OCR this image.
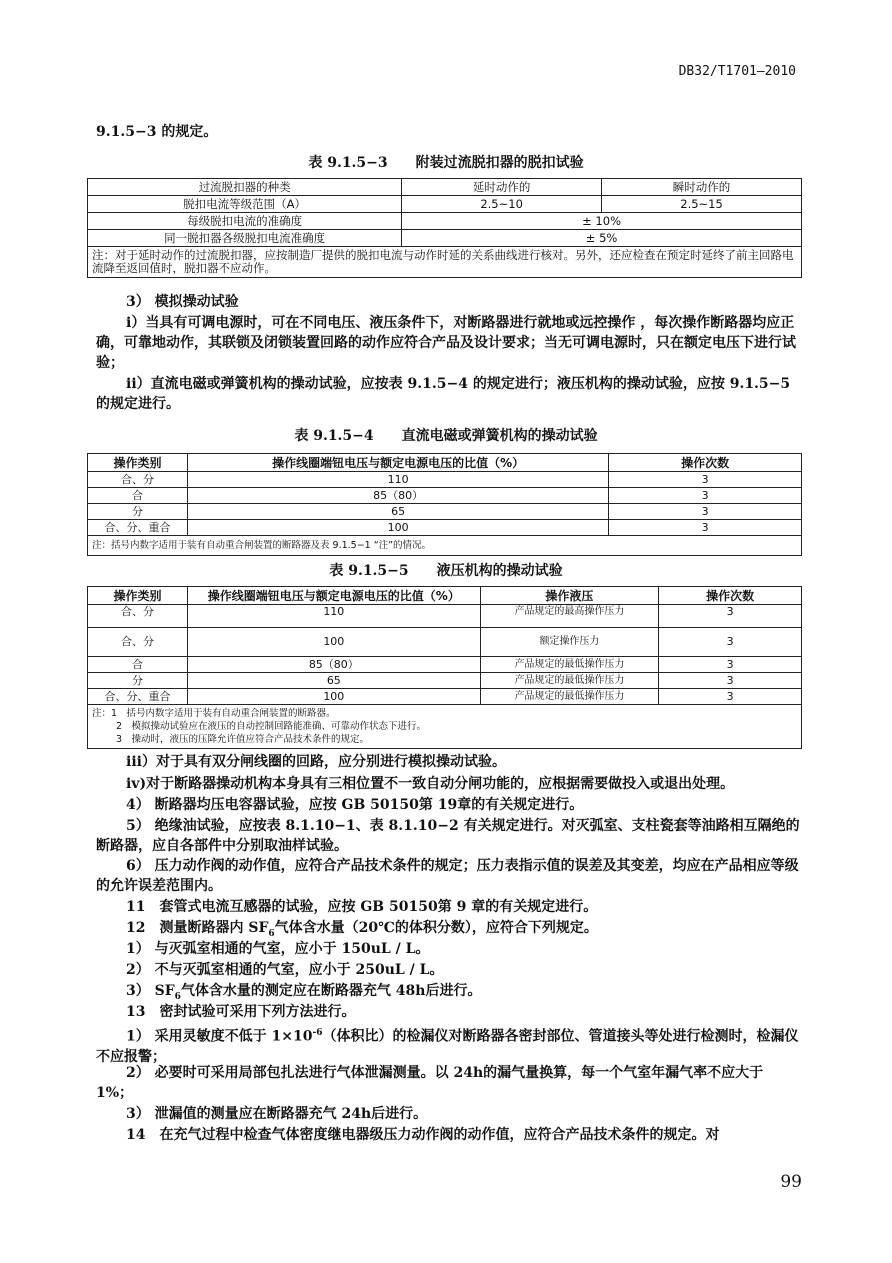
DB32/T1701—2010
9.1.5−3 的规定。
表 9.1.5−3　　附装过流脱扣器的脱扣试验
过流脱扣器的种类	延时动作的	瞬时动作的
脱扣电流等级范围（A）	2.5~10	2.5~15
每级脱扣电流的准确度	± 10%	
同一脱扣器各级脱扣电流准确度	± 5%	
注：对于延时动作的过流脱扣器，应按制造厂提供的脱扣电流与动作时延的关系曲线进行核对。另外，还应检查在预定时延终了前主回路电流降至返回值时，脱扣器不应动作。		
3） 模拟操动试验
i）当具有可调电源时，可在不同电压、液压条件下，对断路器进行就地或远控操作 ，每次操作断路器均应正确，可靠地动作，其联锁及闭锁装置回路的动作应符合产品及设计要求；当无可调电源时，只在额定电压下进行试验；
ii）直流电磁或弹簧机构的操动试验，应按表 9.1.5−4 的规定进行；液压机构的操动试验，应按 9.1.5−5 的规定进行。
表 9.1.5−4　　直流电磁或弹簧机构的操动试验
操作类别	操作线圈端钮电压与额定电源电压的比值（%）	操作次数
合、分	110	3
合	85（80）	3
分	65	3
合、分、重合	100	3
注：括号内数字适用于装有自动重合闸装置的断路器及表 9.1.5−1 “注”的情况。		
表 9.1.5−5　　液压机构的操动试验
操作类别	操作线圈端钮电压与额定电源电压的比值（%）	操作液压	操作次数
合、分	110	产品规定的最高操作压力	3
合、分	100	额定操作压力	3
合	85（80）	产品规定的最低操作压力	3
分	65	产品规定的最低操作压力	3
合、分、重合	100	产品规定的最低操作压力	3

注：1　括号内数字适用于装有自动重合闸装置的断路器。
2　模拟操动试验应在液压的自动控制回路能准确、可靠动作状态下进行。
3　操动时，液压的压降允许值应符合产品技术条件的规定。			
iii）对于具有双分闸线圈的回路，应分别进行模拟操动试验。
iv)对于断路器操动机构本身具有三相位置不一致自动分闸功能的，应根据需要做投入或退出处理。
4） 断路器均压电容器试验，应按 GB 50150第 19章的有关规定进行。
5） 绝缘油试验，应按表 8.1.10−1、表 8.1.10−2 有关规定进行。对灭弧室、支柱瓷套等油路相互隔绝的断路器，应自各部件中分别取油样试验。
6） 压力动作阀的动作值，应符合产品技术条件的规定；压力表指示值的误差及其变差，均应在产品相应等级的允许误差范围内。
11　套管式电流互感器的试验，应按 GB 50150第 9 章的有关规定进行。
12　测量断路器内 $SF_6$气体含水量（20℃的体积分数），应符合下列规定。
1） 与灭弧室相通的气室，应小于 150uL / L。
2） 不与灭弧室相通的气室，应小于 250uL / L。
3） $SF_6$气体含水量的测定应在断路器充气 48h后进行。
13　密封试验可采用下列方法进行。
1） 采用灵敏度不低于 $1\times 10^{-6}$（体积比）的检漏仪对断路器各密封部位、管道接头等处进行检测时，检漏仪不应报警；
2） 必要时可采用局部包扎法进行气体泄漏测量。以 24h的漏气量换算，每一个气室年漏气率不应大于 1%；
3） 泄漏值的测量应在断路器充气 24h后进行。
14　在充气过程中检查气体密度继电器级压力动作阀的动作值，应符合产品技术条件的规定。对
99
